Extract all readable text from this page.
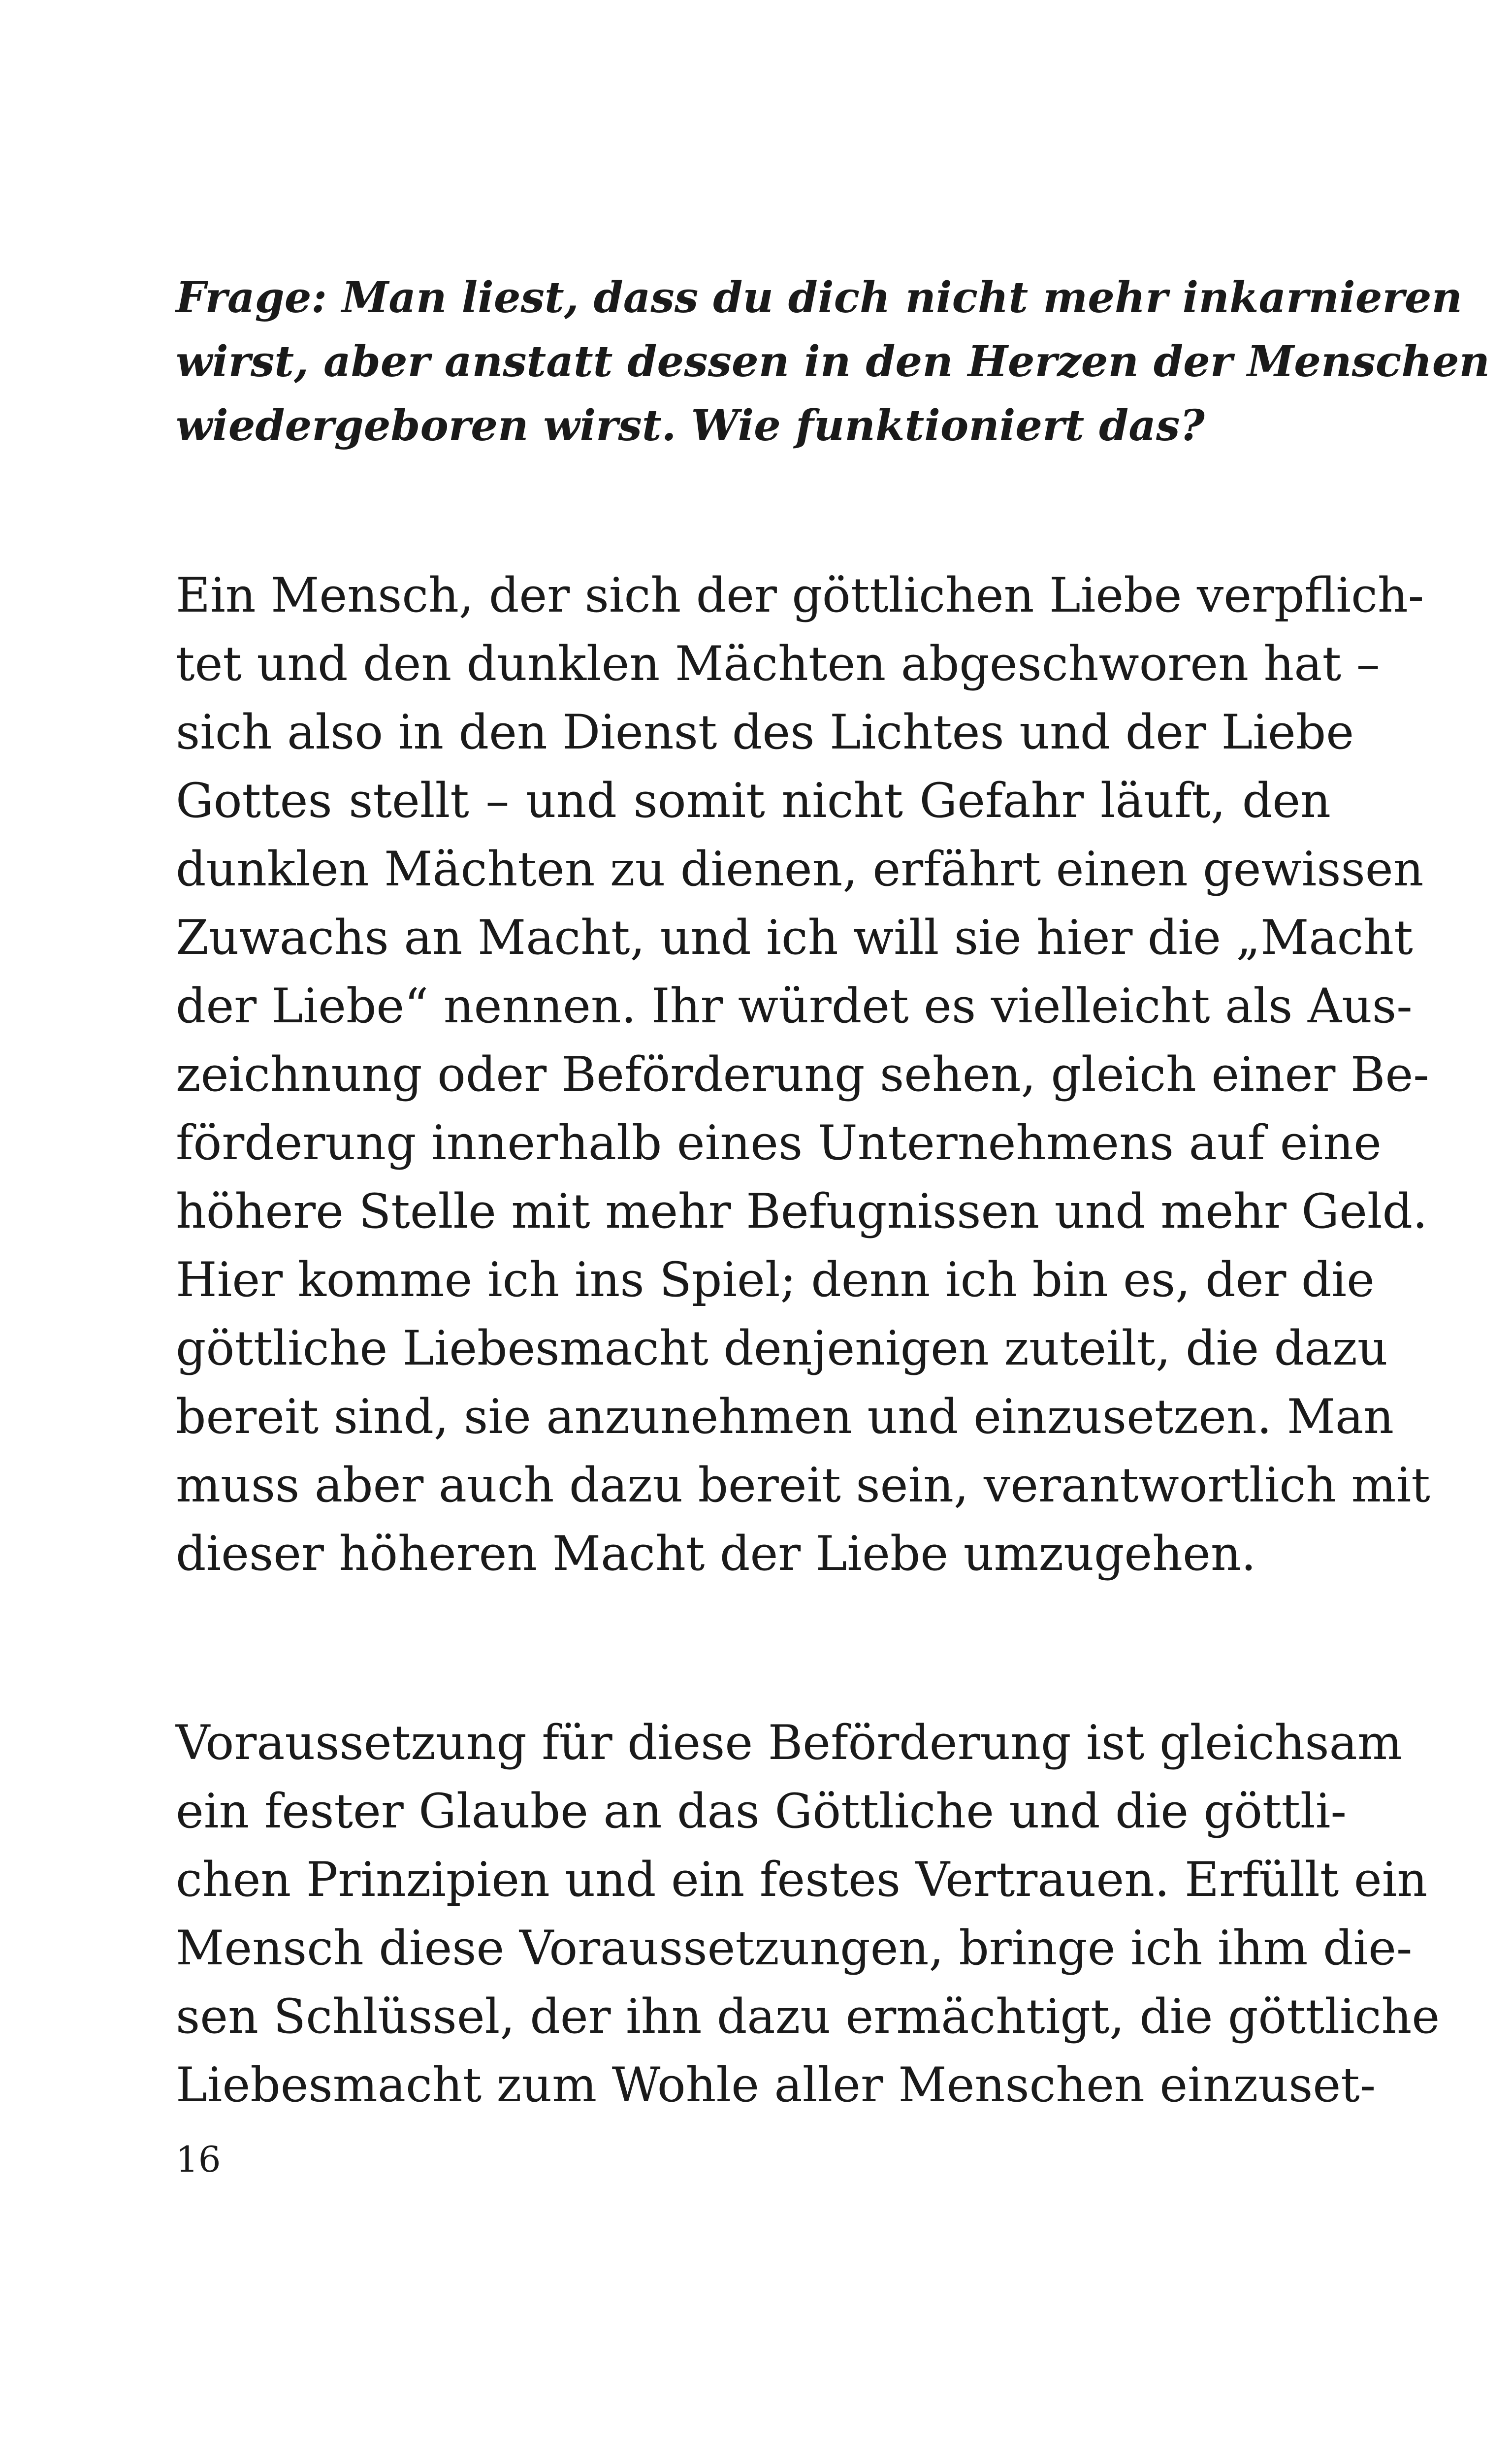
Frage: Man liest, dass du dich nicht mehr inkarnieren
wirst, aber anstatt dessen in den Herzen der Menschen
wiedergeboren wirst. Wie funktioniert das?
Ein Mensch, der sich der göttlichen Liebe verpflich-
tet und den dunklen Mächten abgeschworen hat –
sich also in den Dienst des Lichtes und der Liebe
Gottes stellt – und somit nicht Gefahr läuft, den
dunklen Mächten zu dienen, erfährt einen gewissen
Zuwachs an Macht, und ich will sie hier die „Macht
der Liebe“ nennen. Ihr würdet es vielleicht als Aus-
zeichnung oder Beförderung sehen, gleich einer Be-
förderung innerhalb eines Unternehmens auf eine
höhere Stelle mit mehr Befugnissen und mehr Geld.
Hier komme ich ins Spiel; denn ich bin es, der die
göttliche Liebesmacht denjenigen zuteilt, die dazu
bereit sind, sie anzunehmen und einzusetzen. Man
muss aber auch dazu bereit sein, verantwortlich mit
dieser höheren Macht der Liebe umzugehen.
Voraussetzung für diese Beförderung ist gleichsam
ein fester Glaube an das Göttliche und die göttli-
chen Prinzipien und ein festes Vertrauen. Erfüllt ein
Mensch diese Voraussetzungen, bringe ich ihm die-
sen Schlüssel, der ihn dazu ermächtigt, die göttliche
Liebesmacht zum Wohle aller Menschen einzuset-
16
